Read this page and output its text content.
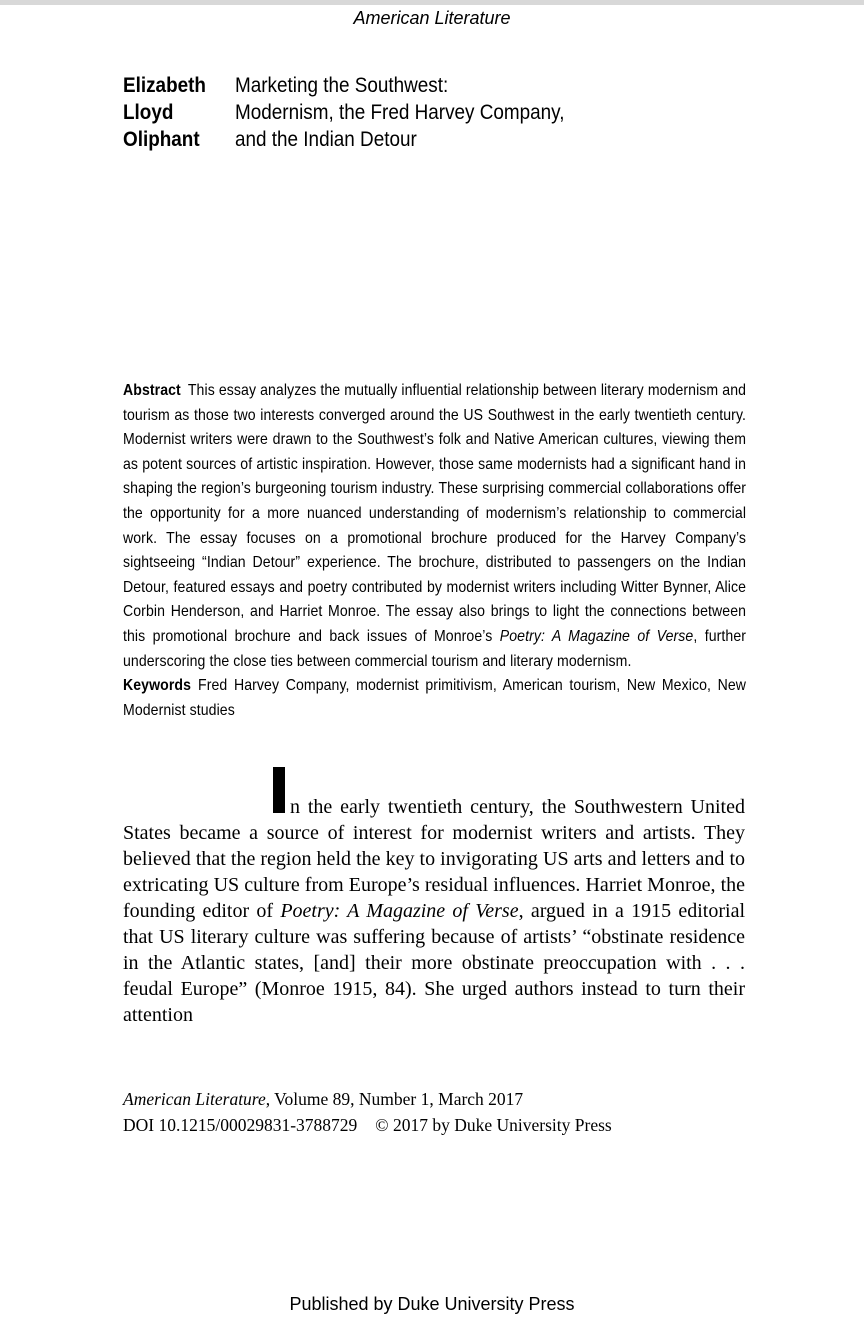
American Literature
Elizabeth
Lloyd
Oliphant
Marketing the Southwest:
Modernism, the Fred Harvey Company,
and the Indian Detour

Abstract This essay analyzes the mutually influential relationship between literary modernism and tourism as those two interests converged around the US Southwest in the early twentieth century. Modernist writers were drawn to the Southwest’s folk and Native American cultures, viewing them as potent sources of artistic inspiration. However, those same modernists had a significant hand in shaping the region’s burgeoning tourism industry. These surprising commercial collaborations offer the opportunity for a more nuanced understanding of modernism’s relationship to commercial work. The essay focuses on a promotional brochure produced for the Harvey Company’s sightseeing “Indian Detour” experience. The brochure, distributed to passengers on the Indian Detour, featured essays and poetry contributed by modernist writers including Witter Bynner, Alice Corbin Henderson, and Harriet Monroe. The essay also brings to light the connections between this promotional brochure and back issues of Monroe’s Poetry: A Magazine of Verse, further underscoring the close ties between commercial tourism and literary modernism.

Keywords Fred Harvey Company, modernist primitivism, American tourism, New Mexico, New Modernist studies

n the early twentieth century, the Southwestern United States became a source of interest for modernist writers and artists. They believed that the region held the key to invigorating US arts and letters and to extricating US culture from Europe’s residual influences. Harriet Monroe, the founding editor of Poetry: A Magazine of Verse, argued in a 1915 editorial that US literary culture was suffering because of artists’ “obstinate residence in the Atlantic states, [and] their more obstinate preoccupation with . . . feudal Europe” (Monroe 1915, 84). She urged authors instead to turn their attention

American Literature, Volume 89, Number 1, March 2017

DOI 10.1215/00029831-3788729 © 2017 by Duke University Press

Published by Duke University Press
